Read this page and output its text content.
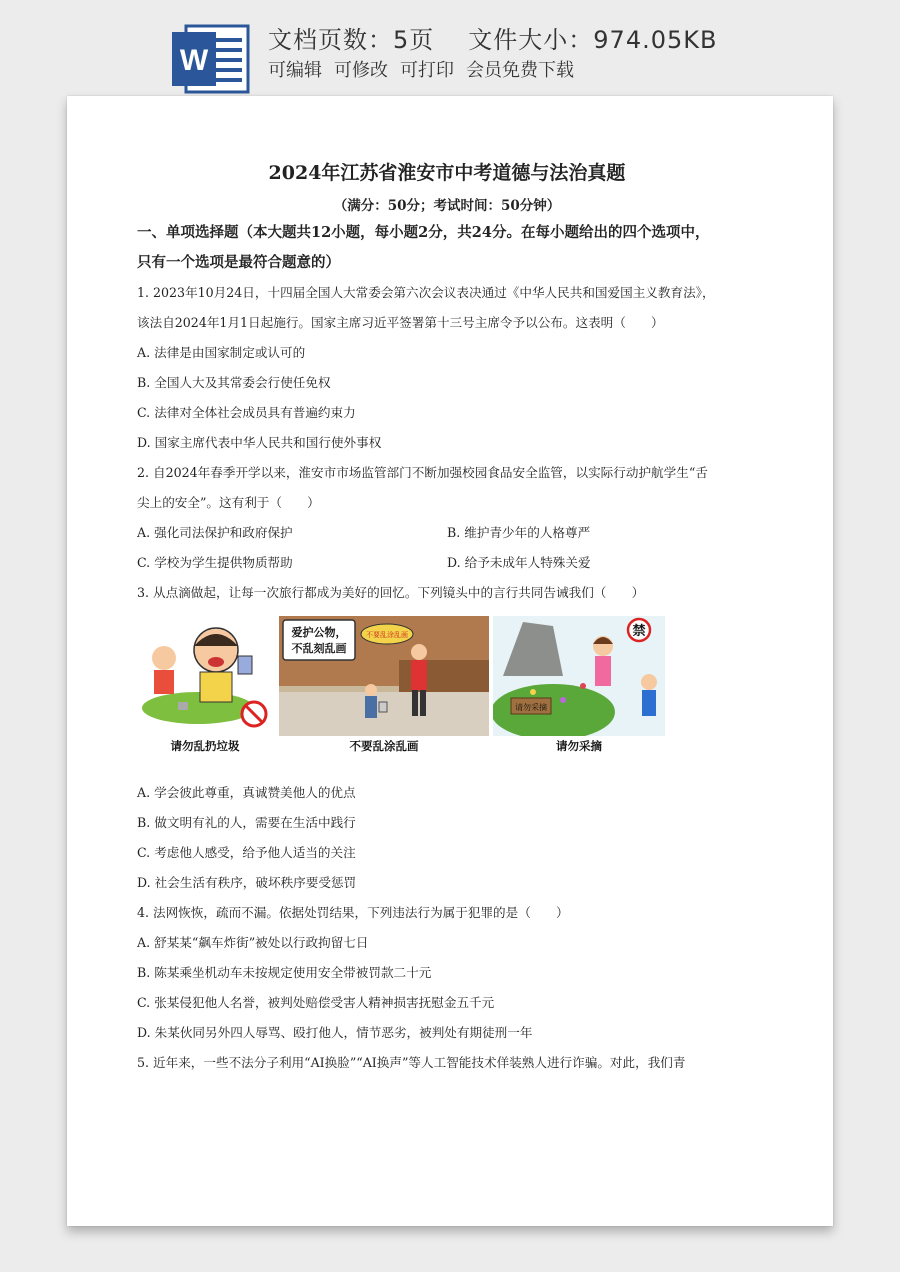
W
文档页数：5页 文件大小：974.05KB
可编辑 可修改 可打印 会员免费下载
2024年江苏省淮安市中考道德与法治真题
（满分：50分；考试时间：50分钟）
一、单项选择题（本大题共12小题，每小题2分，共24分。在每小题给出的四个选项中，
只有一个选项是最符合题意的）
1. 2023年10月24日，十四届全国人大常委会第六次会议表决通过《中华人民共和国爱国主义教育法》，
该法自2024年1月1日起施行。国家主席习近平签署第十三号主席令予以公布。这表明（　　）
A. 法律是由国家制定或认可的
B. 全国人大及其常委会行使任免权
C. 法律对全体社会成员具有普遍约束力
D. 国家主席代表中华人民共和国行使外事权
2. 自2024年春季开学以来，淮安市市场监管部门不断加强校园食品安全监管，以实际行动护航学生“舌
尖上的安全”。这有利于（　　）
A. 强化司法保护和政府保护	B. 维护青少年的人格尊严
C. 学校为学生提供物质帮助	D. 给予未成年人特殊关爱
3. 从点滴做起，让每一次旅行都成为美好的回忆。下列镜头中的言行共同告诫我们（　　）
请勿乱扔垃圾
爱护公物，
不乱刻乱画
不要乱涂乱画
不要乱涂乱画
请勿采摘
禁
请勿采摘
A. 学会彼此尊重，真诚赞美他人的优点
B. 做文明有礼的人，需要在生活中践行
C. 考虑他人感受，给予他人适当的关注
D. 社会生活有秩序，破坏秩序要受惩罚
4. 法网恢恢，疏而不漏。依据处罚结果，下列违法行为属于犯罪的是（　　）
A. 舒某某“飙车炸街”被处以行政拘留七日
B. 陈某乘坐机动车未按规定使用安全带被罚款二十元
C. 张某侵犯他人名誉，被判处赔偿受害人精神损害抚慰金五千元
D. 朱某伙同另外四人辱骂、殴打他人，情节恶劣，被判处有期徒刑一年
5. 近年来，一些不法分子利用“AI换脸”“AI换声”等人工智能技术佯装熟人进行诈骗。对此，我们青
